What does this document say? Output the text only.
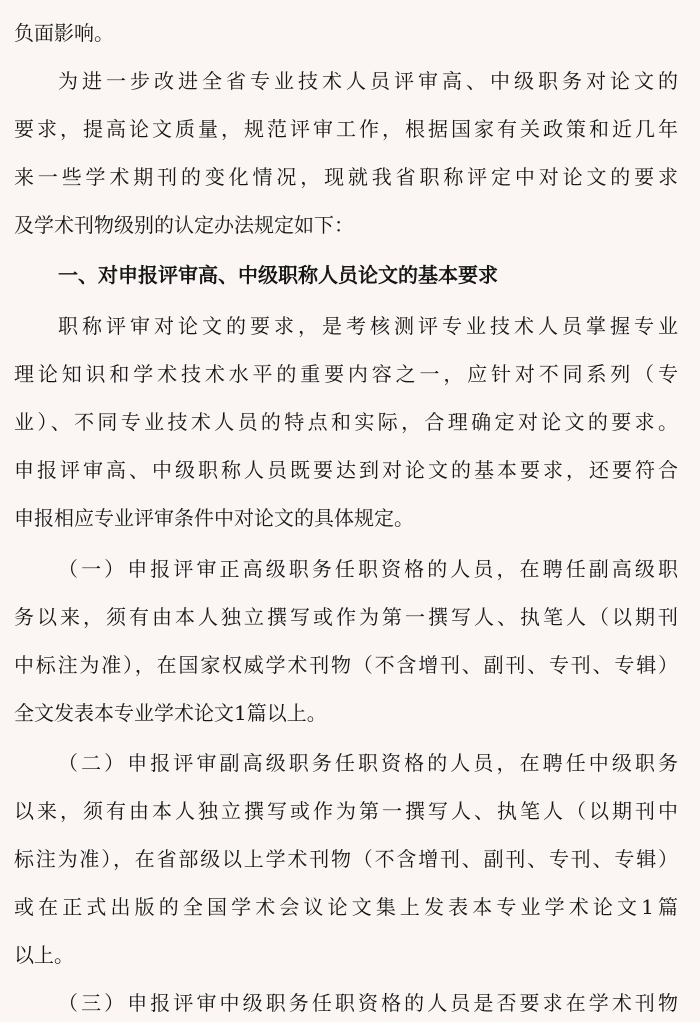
负面影响。
为进一步改进全省专业技术人员评审高、中级职务对论文的
要求，提高论文质量，规范评审工作，根据国家有关政策和近几年
来一些学术期刊的变化情况，现就我省职称评定中对论文的要求
及学术刊物级别的认定办法规定如下：
一、对申报评审高、中级职称人员论文的基本要求
职称评审对论文的要求，是考核测评专业技术人员掌握专业
理论知识和学术技术水平的重要内容之一，应针对不同系列（专
业）、不同专业技术人员的特点和实际，合理确定对论文的要求。
申报评审高、中级职称人员既要达到对论文的基本要求，还要符合
申报相应专业评审条件中对论文的具体规定。
（一）申报评审正高级职务任职资格的人员，在聘任副高级职
务以来，须有由本人独立撰写或作为第一撰写人、执笔人（以期刊
中标注为准），在国家权威学术刊物（不含增刊、副刊、专刊、专辑）
全文发表本专业学术论文1篇以上。
（二）申报评审副高级职务任职资格的人员，在聘任中级职务
以来，须有由本人独立撰写或作为第一撰写人、执笔人（以期刊中
标注为准），在省部级以上学术刊物（不含增刊、副刊、专刊、专辑）
或在正式出版的全国学术会议论文集上发表本专业学术论文1篇
以上。
（三）申报评审中级职务任职资格的人员是否要求在学术刊物
